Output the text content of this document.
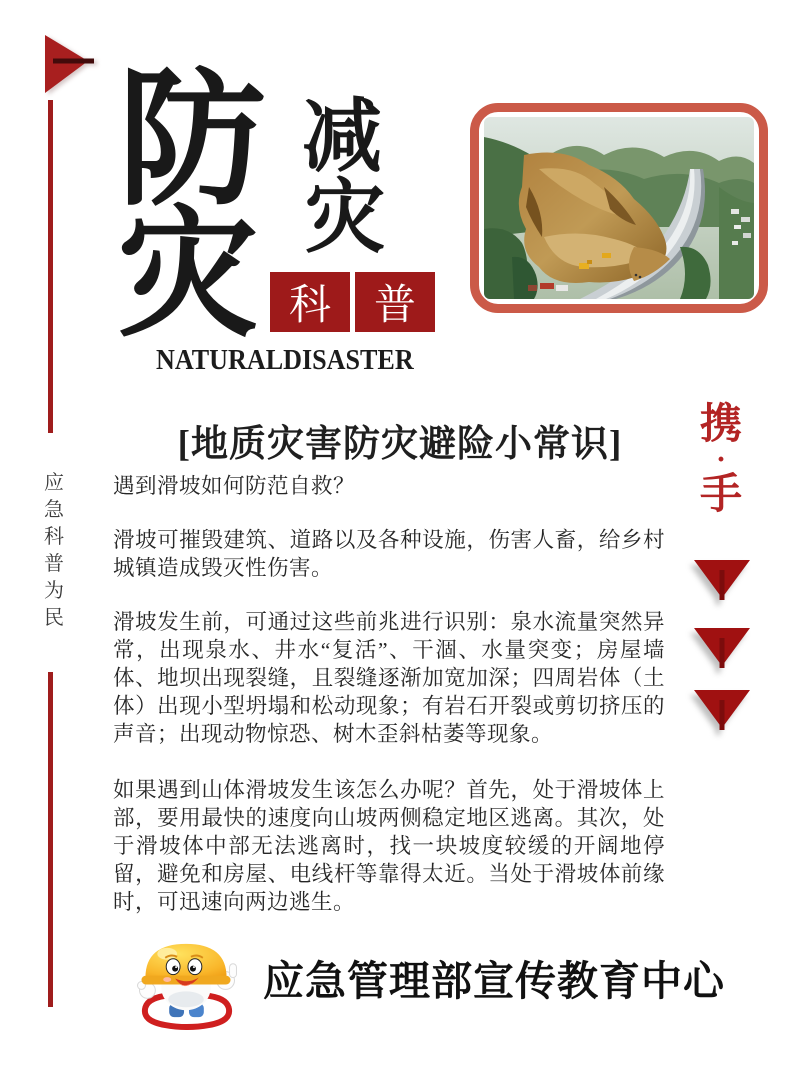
应
急
科
普
为
民
防
灾
减
灾
科	普
NATURALDISASTER
[地质灾害防灾避险小常识]	携
·
手

遇到滑坡如何防范自救？

滑坡可摧毁建筑、道路以及各种设施，伤害人畜，给乡村城镇造成毁灭性伤害。

滑坡发生前，可通过这些前兆进行识别：泉水流量突然异常，出现泉水、井水“复活”、干涸、水量突变；房屋墙体、地坝出现裂缝，且裂缝逐渐加宽加深；四周岩体（土体）出现小型坍塌和松动现象；有岩石开裂或剪切挤压的声音；出现动物惊恐、树木歪斜枯萎等现象。

如果遇到山体滑坡发生该怎么办呢？首先，处于滑坡体上部，要用最快的速度向山坡两侧稳定地区逃离。其次，处于滑坡体中部无法逃离时，找一块坡度较缓的开阔地停留，避免和房屋、电线杆等靠得太近。当处于滑坡体前缘时，可迅速向两边逃生。

应急管理部宣传教育中心
